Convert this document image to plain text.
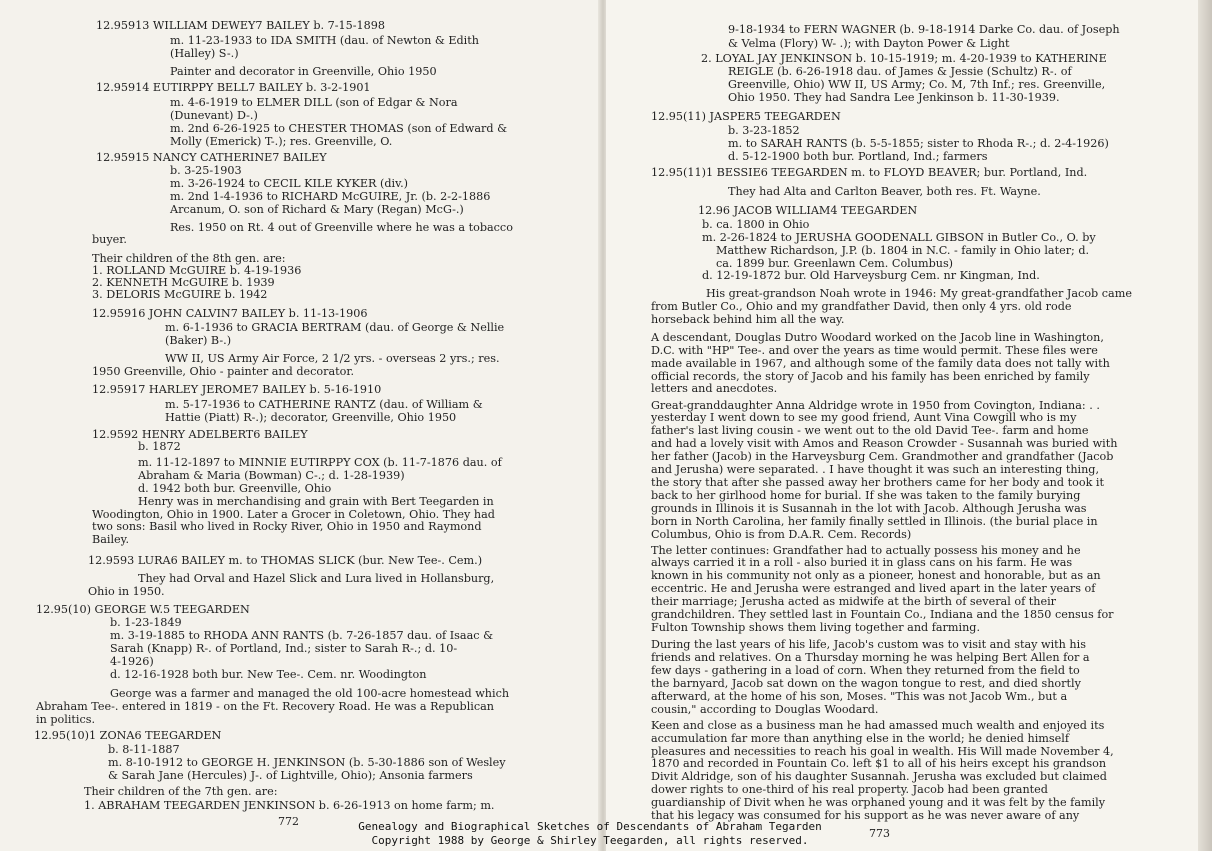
12.95913 WILLIAM DEWEY7 BAILEY b. 7-15-1898
m. 11-23-1933 to IDA SMITH (dau. of Newton & Edith
(Halley) S-.)
Painter and decorator in Greenville, Ohio 1950
12.95914 EUTIRPPY BELL7 BAILEY b. 3-2-1901
m. 4-6-1919 to ELMER DILL (son of Edgar & Nora
(Dunevant) D-.)
m. 2nd 6-26-1925 to CHESTER THOMAS (son of Edward &
Molly (Emerick) T-.); res. Greenville, O.
12.95915 NANCY CATHERINE7 BAILEY
b. 3-25-1903
m. 3-26-1924 to CECIL KILE KYKER (div.)
m. 2nd 1-4-1936 to RICHARD McGUIRE, Jr. (b. 2-2-1886
Arcanum, O. son of Richard & Mary (Regan) McG-.)
Res. 1950 on Rt. 4 out of Greenville where he was a tobacco
buyer.
Their children of the 8th gen. are:
1. ROLLAND McGUIRE b. 4-19-1936
2. KENNETH McGUIRE b. 1939
3. DELORIS McGUIRE b. 1942
12.95916 JOHN CALVIN7 BAILEY b. 11-13-1906
m. 6-1-1936 to GRACIA BERTRAM (dau. of George & Nellie
(Baker) B-.)
WW II, US Army Air Force, 2 1/2 yrs. - overseas 2 yrs.; res.
1950 Greenville, Ohio - painter and decorator.
12.95917 HARLEY JEROME7 BAILEY b. 5-16-1910
m. 5-17-1936 to CATHERINE RANTZ (dau. of William &
Hattie (Piatt) R-.); decorator, Greenville, Ohio 1950
12.9592 HENRY ADELBERT6 BAILEY
b. 1872
m. 11-12-1897 to MINNIE EUTIRPPY COX (b. 11-7-1876 dau. of
Abraham & Maria (Bowman) C-.; d. 1-28-1939)
d. 1942 both bur. Greenville, Ohio
Henry was in merchandising and grain with Bert Teegarden in
Woodington, Ohio in 1900. Later a Grocer in Coletown, Ohio. They had
two sons: Basil who lived in Rocky River, Ohio in 1950 and Raymond
Bailey.
12.9593 LURA6 BAILEY m. to THOMAS SLICK (bur. New Tee-. Cem.)
They had Orval and Hazel Slick and Lura lived in Hollansburg,
Ohio in 1950.
12.95(10) GEORGE W.5 TEEGARDEN
b. 1-23-1849
m. 3-19-1885 to RHODA ANN RANTS (b. 7-26-1857 dau. of Isaac &
Sarah (Knapp) R-. of Portland, Ind.; sister to Sarah R-.; d. 10-
4-1926)
d. 12-16-1928 both bur. New Tee-. Cem. nr. Woodington
George was a farmer and managed the old 100-acre homestead which
Abraham Tee-. entered in 1819 - on the Ft. Recovery Road. He was a Republican
in politics.
12.95(10)1 ZONA6 TEEGARDEN
b. 8-11-1887
m. 8-10-1912 to GEORGE H. JENKINSON (b. 5-30-1886 son of Wesley
& Sarah Jane (Hercules) J-. of Lightville, Ohio); Ansonia farmers
Their children of the 7th gen. are:
1. ABRAHAM TEEGARDEN JENKINSON b. 6-26-1913 on home farm; m.
772
9-18-1934 to FERN WAGNER (b. 9-18-1914 Darke Co. dau. of Joseph
& Velma (Flory) W- .); with Dayton Power & Light
2. LOYAL JAY JENKINSON b. 10-15-1919; m. 4-20-1939 to KATHERINE
REIGLE (b. 6-26-1918 dau. of James & Jessie (Schultz) R-. of
Greenville, Ohio) WW II, US Army; Co. M, 7th Inf.; res. Greenville,
Ohio 1950. They had Sandra Lee Jenkinson b. 11-30-1939.
12.95(11) JASPER5 TEEGARDEN
b. 3-23-1852
m. to SARAH RANTS (b. 5-5-1855; sister to Rhoda R-.; d. 2-4-1926)
d. 5-12-1900 both bur. Portland, Ind.; farmers
12.95(11)1 BESSIE6 TEEGARDEN m. to FLOYD BEAVER; bur. Portland, Ind.
They had Alta and Carlton Beaver, both res. Ft. Wayne.
12.96 JACOB WILLIAM4 TEEGARDEN
b. ca. 1800 in Ohio
m. 2-26-1824 to JERUSHA GOODENALL GIBSON in Butler Co., O. by
Matthew Richardson, J.P. (b. 1804 in N.C. - family in Ohio later; d.
ca. 1899 bur. Greenlawn Cem. Columbus)
d. 12-19-1872 bur. Old Harveysburg Cem. nr Kingman, Ind.
His great-grandson Noah wrote in 1946: My great-grandfather Jacob came
from Butler Co., Ohio and my grandfather David, then only 4 yrs. old rode
horseback behind him all the way.
A descendant, Douglas Dutro Woodard worked on the Jacob line in Washington,
D.C. with "HP" Tee-. and over the years as time would permit. These files were
made available in 1967, and although some of the family data does not tally with
official records, the story of Jacob and his family has been enriched by family
letters and anecdotes.
Great-granddaughter Anna Aldridge wrote in 1950 from Covington, Indiana: . .
yesterday I went down to see my good friend, Aunt Vina Cowgill who is my
father's last living cousin - we went out to the old David Tee-. farm and home
and had a lovely visit with Amos and Reason Crowder - Susannah was buried with
her father (Jacob) in the Harveysburg Cem. Grandmother and grandfather (Jacob
and Jerusha) were separated. . I have thought it was such an interesting thing,
the story that after she passed away her brothers came for her body and took it
back to her girlhood home for burial. If she was taken to the family burying
grounds in Illinois it is Susannah in the lot with Jacob. Although Jerusha was
born in North Carolina, her family finally settled in Illinois. (the burial place in
Columbus, Ohio is from D.A.R. Cem. Records)
The letter continues: Grandfather had to actually possess his money and he
always carried it in a roll - also buried it in glass cans on his farm. He was
known in his community not only as a pioneer, honest and honorable, but as an
eccentric. He and Jerusha were estranged and lived apart in the later years of
their marriage; Jerusha acted as midwife at the birth of several of their
grandchildren. They settled last in Fountain Co., Indiana and the 1850 census for
Fulton Township shows them living together and farming.
During the last years of his life, Jacob's custom was to visit and stay with his
friends and relatives. On a Thursday morning he was helping Bert Allen for a
few days - gathering in a load of corn. When they returned from the field to
the barnyard, Jacob sat down on the wagon tongue to rest, and died shortly
afterward, at the home of his son, Moses. "This was not Jacob Wm., but a
cousin," according to Douglas Woodard.
Keen and close as a business man he had amassed much wealth and enjoyed its
accumulation far more than anything else in the world; he denied himself
pleasures and necessities to reach his goal in wealth. His Will made November 4,
1870 and recorded in Fountain Co. left $1 to all of his heirs except his grandson
Divit Aldridge, son of his daughter Susannah. Jerusha was excluded but claimed
dower rights to one-third of his real property. Jacob had been granted
guardianship of Divit when he was orphaned young and it was felt by the family
that his legacy was consumed for his support as he was never aware of any
773
Genealogy and Biographical Sketches of Descendants of Abraham Tegarden
Copyright 1988 by George & Shirley Teegarden, all rights reserved.
